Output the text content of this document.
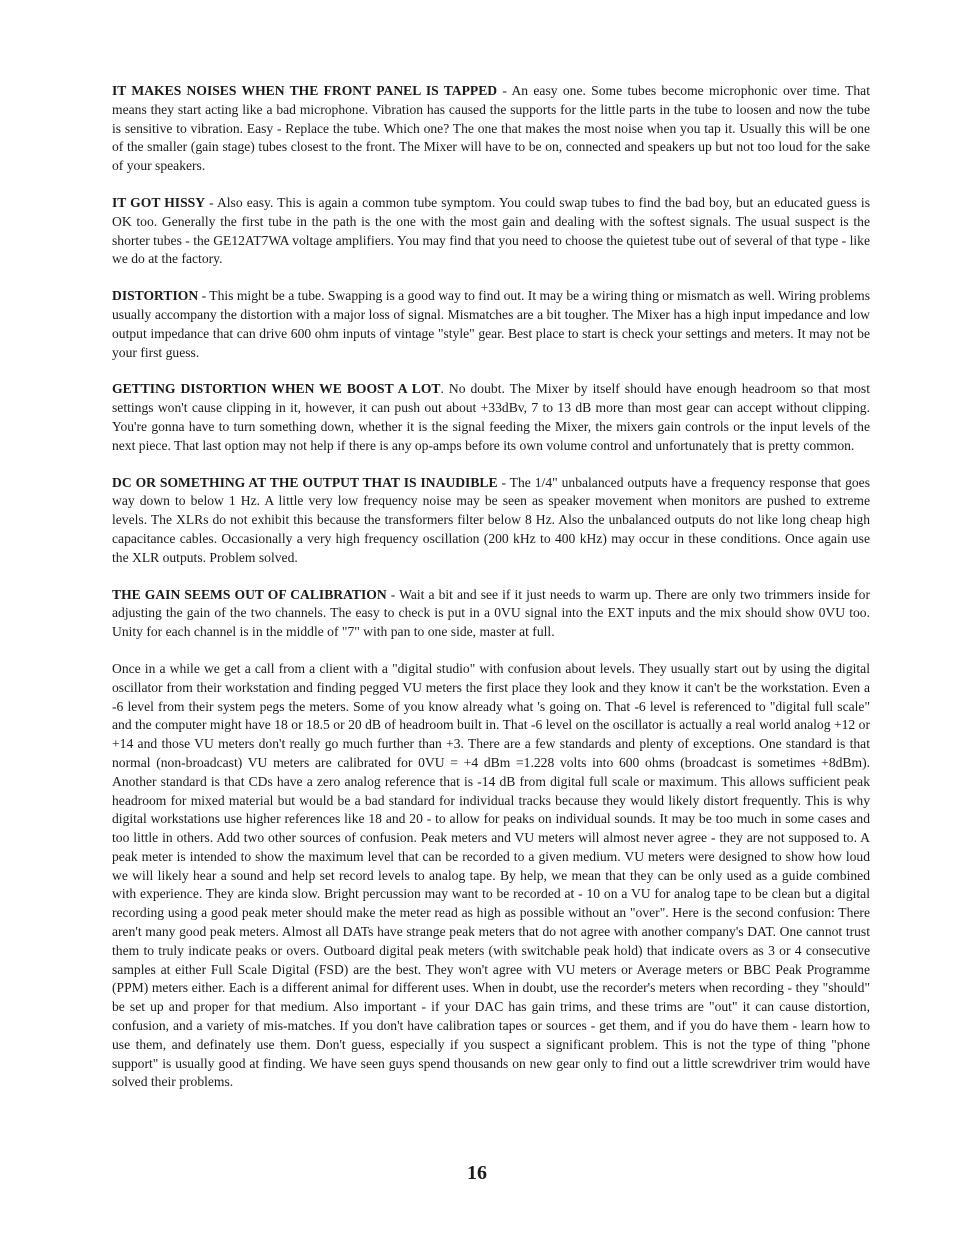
IT MAKES NOISES WHEN THE FRONT PANEL IS TAPPED - An easy one. Some tubes become microphonic over time. That means they start acting like a bad microphone. Vibration has caused the supports for the little parts in the tube to loosen and now the tube is sensitive to vibration. Easy - Replace the tube. Which one? The one that makes the most noise when you tap it. Usually this will be one of the smaller (gain stage) tubes closest to the front. The Mixer will have to be on, connected and speakers up but not too loud for the sake of your speakers.

IT GOT HISSY - Also easy. This is again a common tube symptom. You could swap tubes to find the bad boy, but an educated guess is OK too. Generally the first tube in the path is the one with the most gain and dealing with the softest signals. The usual suspect is the shorter tubes - the GE12AT7WA voltage amplifiers. You may find that you need to choose the quietest tube out of several of that type - like we do at the factory.

DISTORTION - This might be a tube. Swapping is a good way to find out. It may be a wiring thing or mismatch as well. Wiring problems usually accompany the distortion with a major loss of signal. Mismatches are a bit tougher. The Mixer has a high input impedance and low output impedance that can drive 600 ohm inputs of vintage "style" gear. Best place to start is check your settings and meters. It may not be your first guess.

GETTING DISTORTION WHEN WE BOOST A LOT. No doubt. The Mixer by itself should have enough headroom so that most settings won't cause clipping in it, however, it can push out about +33dBv, 7 to 13 dB more than most gear can accept without clipping. You're gonna have to turn something down, whether it is the signal feeding the Mixer, the mixers gain controls or the input levels of the next piece. That last option may not help if there is any op-amps before its own volume control and unfortunately that is pretty common.

DC OR SOMETHING AT THE OUTPUT THAT IS INAUDIBLE - The 1/4" unbalanced outputs have a frequency response that goes way down to below 1 Hz. A little very low frequency noise may be seen as speaker movement when monitors are pushed to extreme levels. The XLRs do not exhibit this because the transformers filter below 8 Hz. Also the unbalanced outputs do not like long cheap high capacitance cables. Occasionally a very high frequency oscillation (200 kHz to 400 kHz) may occur in these conditions. Once again use the XLR outputs. Problem solved.

THE GAIN SEEMS OUT OF CALIBRATION - Wait a bit and see if it just needs to warm up. There are only two trimmers inside for adjusting the gain of the two channels. The easy to check is put in a 0VU signal into the EXT inputs and the mix should show 0VU too. Unity for each channel is in the middle of "7" with pan to one side, master at full.

Once in a while we get a call from a client with a "digital studio" with confusion about levels. They usually start out by using the digital oscillator from their workstation and finding pegged VU meters the first place they look and they know it can't be the workstation. Even a -6 level from their system pegs the meters. Some of you know already what 's going on. That -6 level is referenced to "digital full scale" and the computer might have 18 or 18.5 or 20 dB of headroom built in. That -6 level on the oscillator is actually a real world analog +12 or +14 and those VU meters don't really go much further than +3. There are a few standards and plenty of exceptions. One standard is that normal (non-broadcast) VU meters are calibrated for 0VU = +4 dBm =1.228 volts into 600 ohms (broadcast is sometimes +8dBm). Another standard is that CDs have a zero analog reference that is -14 dB from digital full scale or maximum. This allows sufficient peak headroom for mixed material but would be a bad standard for individual tracks because they would likely distort frequently. This is why digital workstations use higher references like 18 and 20 - to allow for peaks on individual sounds. It may be too much in some cases and too little in others. Add two other sources of confusion. Peak meters and VU meters will almost never agree - they are not supposed to. A peak meter is intended to show the maximum level that can be recorded to a given medium. VU meters were designed to show how loud we will likely hear a sound and help set record levels to analog tape. By help, we mean that they can be only used as a guide combined with experience. They are kinda slow. Bright percussion may want to be recorded at - 10 on a VU for analog tape to be clean but a digital recording using a good peak meter should make the meter read as high as possible without an "over". Here is the second confusion: There aren't many good peak meters. Almost all DATs have strange peak meters that do not agree with another company's DAT. One cannot trust them to truly indicate peaks or overs. Outboard digital peak meters (with switchable peak hold) that indicate overs as 3 or 4 consecutive samples at either Full Scale Digital (FSD) are the best. They won't agree with VU meters or Average meters or BBC Peak Programme (PPM) meters either. Each is a different animal for different uses. When in doubt, use the recorder's meters when recording - they "should" be set up and proper for that medium. Also important - if your DAC has gain trims, and these trims are "out" it can cause distortion, confusion, and a variety of mis-matches. If you don't have calibration tapes or sources - get them, and if you do have them - learn how to use them, and definately use them. Don't guess, especially if you suspect a significant problem. This is not the type of thing "phone support" is usually good at finding. We have seen guys spend thousands on new gear only to find out a little screwdriver trim would have solved their problems.

16
